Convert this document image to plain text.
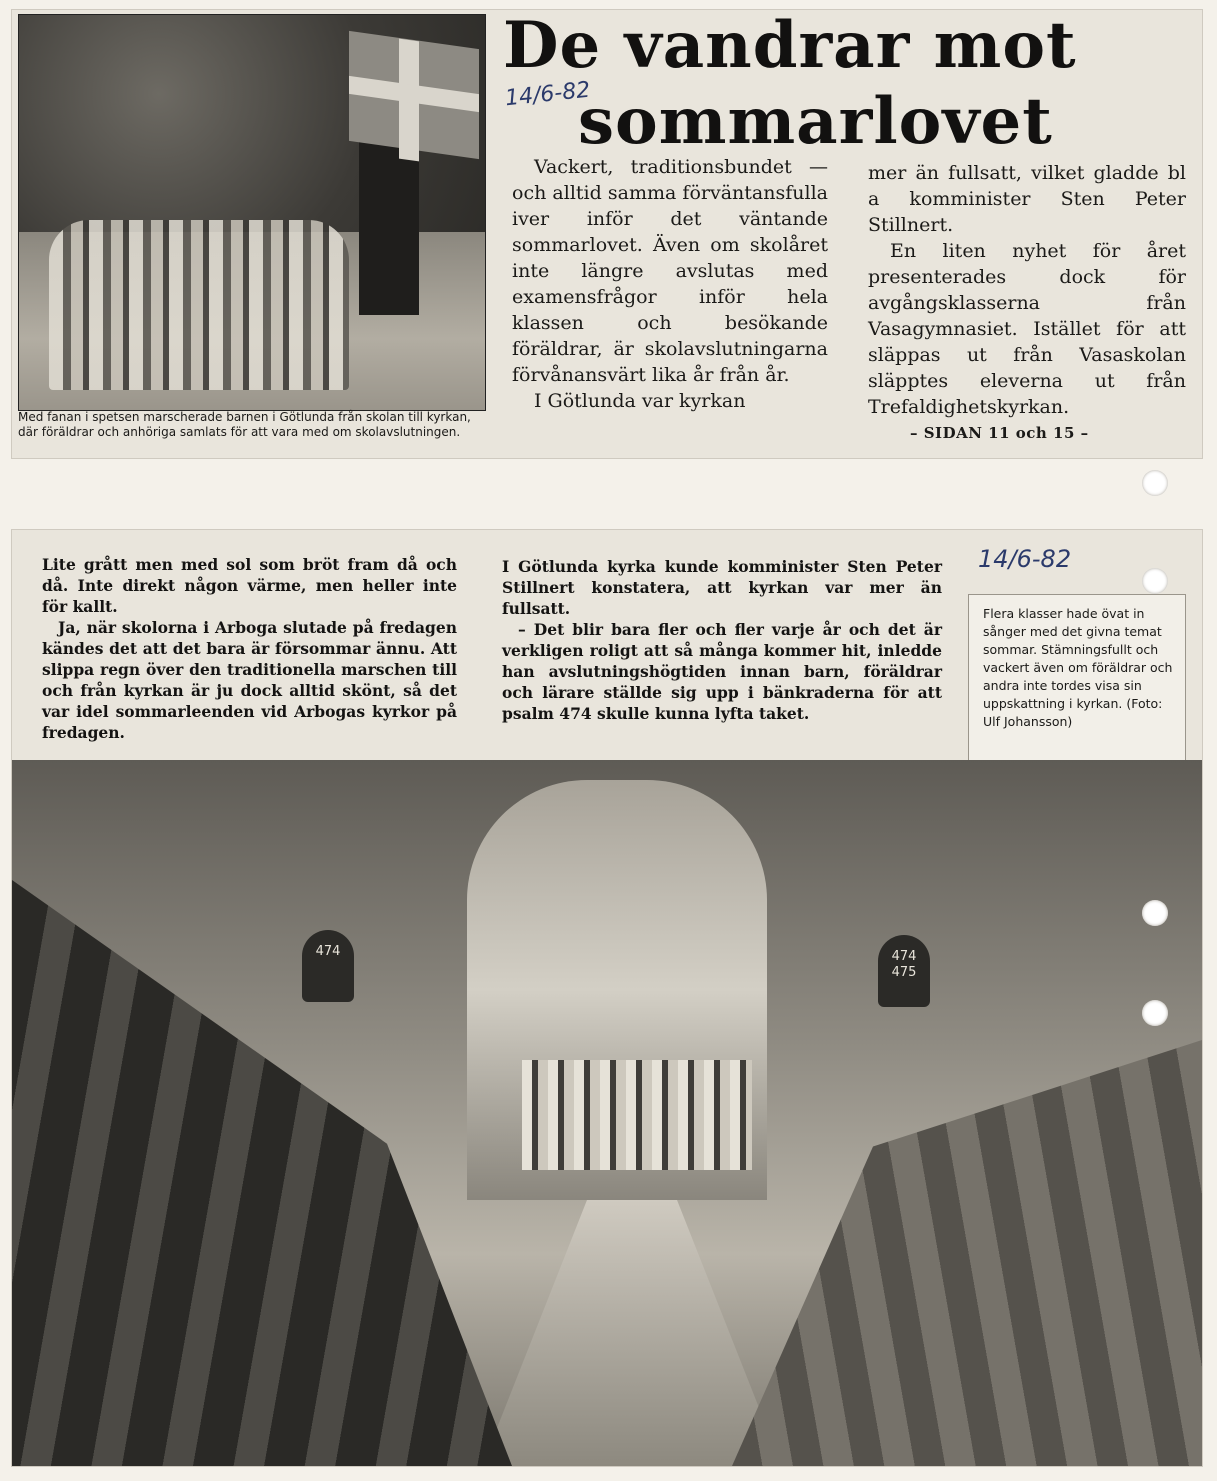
Med fanan i spetsen marscherade barnen i Götlunda från skolan till kyrkan, där föräldrar och anhöriga samlats för att vara med om skolavslutningen.
De vandrar mot
sommarlovet
14/6-82

Vackert, traditionsbundet — och alltid samma förväntansfulla iver inför det väntande sommarlovet. Även om skolåret inte längre avslutas med examensfrågor inför hela klassen och besökande föräldrar, är skolavslutningarna förvånansvärt lika år från år.

I Götlunda var kyrkan

mer än fullsatt, vilket gladde bl a komminister Sten Peter Stillnert.

En liten nyhet för året presenterades dock för avgångsklasserna från Vasagymnasiet. Istället för att släppas ut från Vasaskolan släpptes eleverna ut från Trefaldighetskyrkan.

– SIDAN 11 och 15 –

Lite grått men med sol som bröt fram då och då. Inte direkt någon värme, men heller inte för kallt.

Ja, när skolorna i Arboga slutade på fredagen kändes det att det bara är försommar ännu. Att slippa regn över den traditionella marschen till och från kyrkan är ju dock alltid skönt, så det var idel sommarleenden vid Arbogas kyrkor på fredagen.

I Götlunda kyrka kunde komminister Sten Peter Stillnert konstatera, att kyrkan var mer än fullsatt.

– Det blir bara fler och fler varje år och det är verkligen roligt att så många kommer hit, inledde han avslutningshögtiden innan barn, föräldrar och lärare ställde sig upp i bänkraderna för att psalm 474 skulle kunna lyfta taket.

14/6-82
Flera klasser hade övat in sånger med det givna temat sommar. Stämningsfullt och vackert även om föräldrar och andra inte tordes visa sin uppskattning i kyrkan. (Foto: Ulf Johansson)
474	474
475
